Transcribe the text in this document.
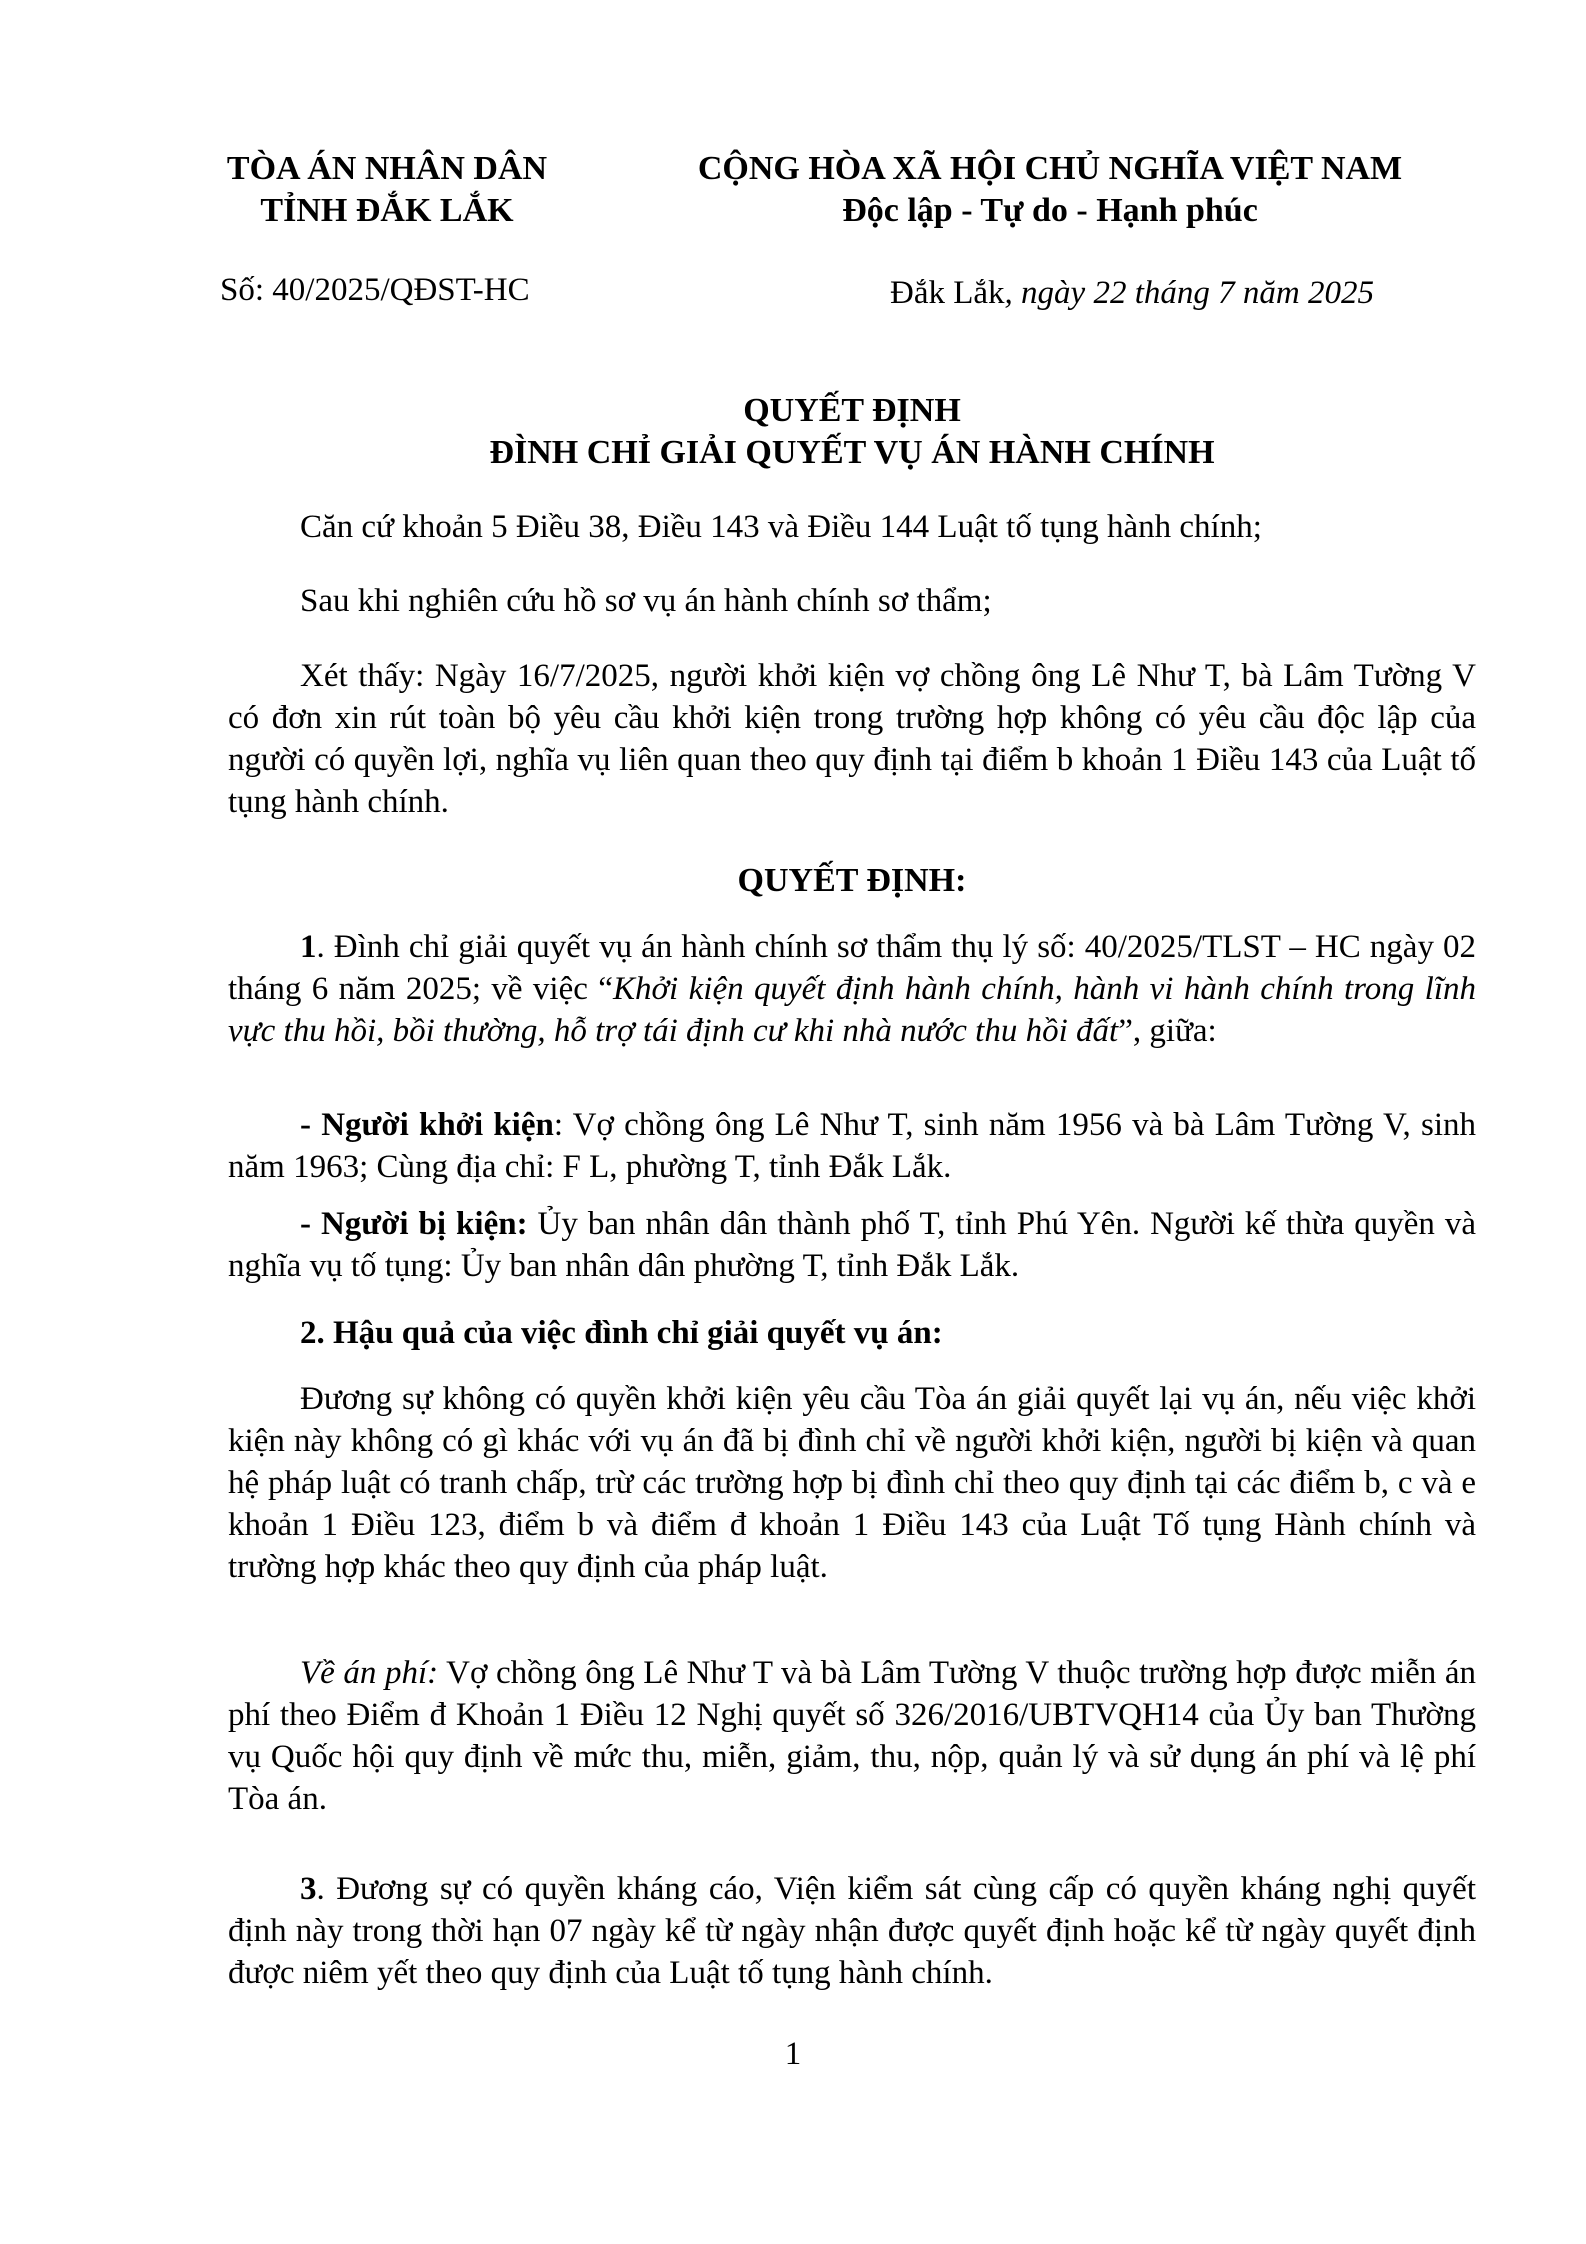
TÒA ÁN NHÂN DÂN
TỈNH ĐẮK LẮK
CỘNG HÒA XÃ HỘI CHỦ NGHĨA VIỆT NAM
Độc lập - Tự do - Hạnh phúc
Số: 40/2025/QĐST-HC	Đắk Lắk, ngày 22 tháng 7 năm 2025
QUYẾT ĐỊNH
ĐÌNH CHỈ GIẢI QUYẾT VỤ ÁN HÀNH CHÍNH
Căn cứ khoản 5 Điều 38, Điều 143 và Điều 144 Luật tố tụng hành chính;
Sau khi nghiên cứu hồ sơ vụ án hành chính sơ thẩm;
Xét thấy: Ngày 16/7/2025, người khởi kiện vợ chồng ông Lê Như T, bà Lâm Tường V có đơn xin rút toàn bộ yêu cầu khởi kiện trong trường hợp không có yêu cầu độc lập của người có quyền lợi, nghĩa vụ liên quan theo quy định tại điểm b khoản 1 Điều 143 của Luật tố tụng hành chính.
QUYẾT ĐỊNH:
1. Đình chỉ giải quyết vụ án hành chính sơ thẩm thụ lý số: 40/2025/TLST – HC ngày 02 tháng 6 năm 2025; về việc “Khởi kiện quyết định hành chính, hành vi hành chính trong lĩnh vực thu hồi, bồi thường, hỗ trợ tái định cư khi nhà nước thu hồi đất”, giữa:
- Người khởi kiện: Vợ chồng ông Lê Như T, sinh năm 1956 và bà Lâm Tường V, sinh năm 1963; Cùng địa chỉ: F L, phường T, tỉnh Đắk Lắk.
- Người bị kiện: Ủy ban nhân dân thành phố T, tỉnh Phú Yên. Người kế thừa quyền và nghĩa vụ tố tụng: Ủy ban nhân dân phường T, tỉnh Đắk Lắk.
2. Hậu quả của việc đình chỉ giải quyết vụ án:
Đương sự không có quyền khởi kiện yêu cầu Tòa án giải quyết lại vụ án, nếu việc khởi kiện này không có gì khác với vụ án đã bị đình chỉ về người khởi kiện, người bị kiện và quan hệ pháp luật có tranh chấp, trừ các trường hợp bị đình chỉ theo quy định tại các điểm b, c và e khoản 1 Điều 123, điểm b và điểm đ khoản 1 Điều 143 của Luật Tố tụng Hành chính và trường hợp khác theo quy định của pháp luật.
Về án phí: Vợ chồng ông Lê Như T và bà Lâm Tường V thuộc trường hợp được miễn án phí theo Điểm đ Khoản 1 Điều 12 Nghị quyết số 326/2016/UBTVQH14 của Ủy ban Thường vụ Quốc hội quy định về mức thu, miễn, giảm, thu, nộp, quản lý và sử dụng án phí và lệ phí Tòa án.
3. Đương sự có quyền kháng cáo, Viện kiểm sát cùng cấp có quyền kháng nghị quyết định này trong thời hạn 07 ngày kể từ ngày nhận được quyết định hoặc kể từ ngày quyết định được niêm yết theo quy định của Luật tố tụng hành chính.
1
